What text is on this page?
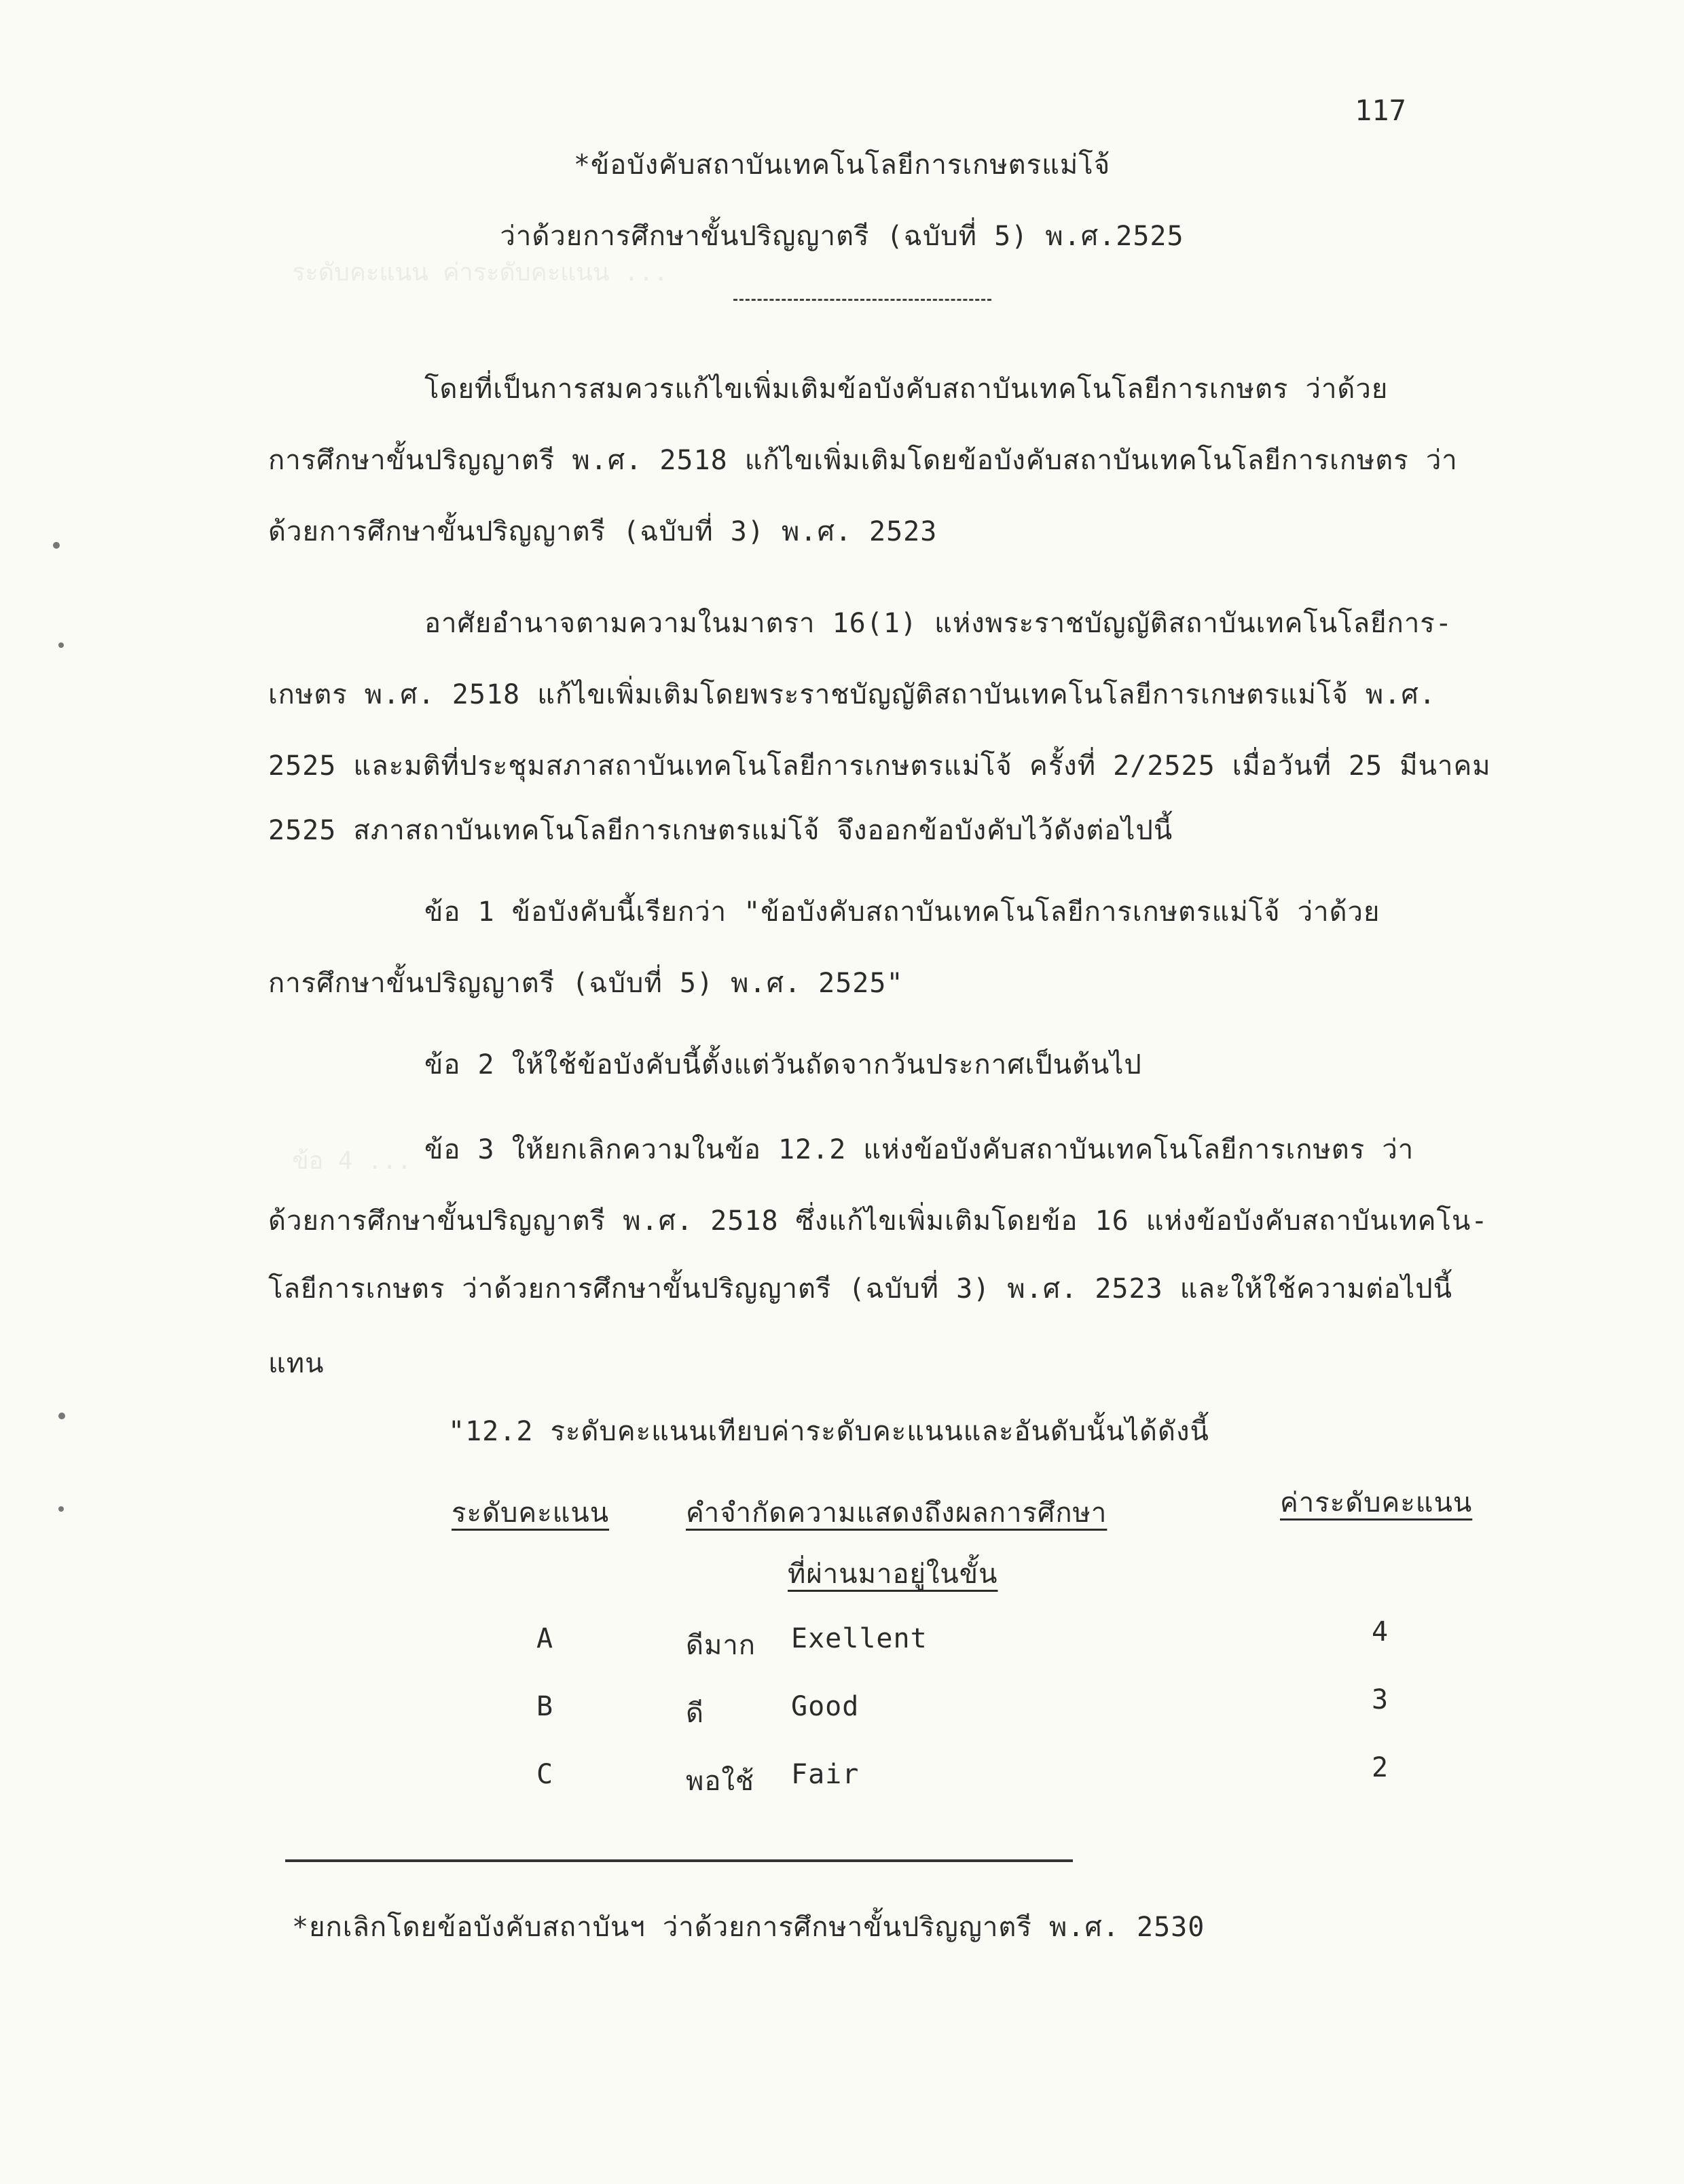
ระดับคะแนน ค่าระดับคะแนน ...
ข้อ 4 ...
117
*ข้อบังคับสถาบันเทคโนโลยีการเกษตรแม่โจ้
ว่าด้วยการศึกษาขั้นปริญญาตรี (ฉบับที่ 5) พ.ศ.2525
โดยที่เป็นการสมควรแก้ไขเพิ่มเติมข้อบังคับสถาบันเทคโนโลยีการเกษตร ว่าด้วย
การศึกษาขั้นปริญญาตรี พ.ศ. 2518 แก้ไขเพิ่มเติมโดยข้อบังคับสถาบันเทคโนโลยีการเกษตร ว่า
ด้วยการศึกษาขั้นปริญญาตรี (ฉบับที่ 3) พ.ศ. 2523
อาศัยอำนาจตามความในมาตรา 16(1) แห่งพระราชบัญญัติสถาบันเทคโนโลยีการ-
เกษตร พ.ศ. 2518 แก้ไขเพิ่มเติมโดยพระราชบัญญัติสถาบันเทคโนโลยีการเกษตรแม่โจ้ พ.ศ.
2525 และมติที่ประชุมสภาสถาบันเทคโนโลยีการเกษตรแม่โจ้ ครั้งที่ 2/2525 เมื่อวันที่ 25 มีนาคม
2525 สภาสถาบันเทคโนโลยีการเกษตรแม่โจ้ จึงออกข้อบังคับไว้ดังต่อไปนี้
ข้อ 1 ข้อบังคับนี้เรียกว่า "ข้อบังคับสถาบันเทคโนโลยีการเกษตรแม่โจ้ ว่าด้วย
การศึกษาขั้นปริญญาตรี (ฉบับที่ 5) พ.ศ. 2525"
ข้อ 2 ให้ใช้ข้อบังคับนี้ตั้งแต่วันถัดจากวันประกาศเป็นต้นไป
ข้อ 3 ให้ยกเลิกความในข้อ 12.2 แห่งข้อบังคับสถาบันเทคโนโลยีการเกษตร ว่า
ด้วยการศึกษาขั้นปริญญาตรี พ.ศ. 2518 ซึ่งแก้ไขเพิ่มเติมโดยข้อ 16 แห่งข้อบังคับสถาบันเทคโน-
โลยีการเกษตร ว่าด้วยการศึกษาขั้นปริญญาตรี (ฉบับที่ 3) พ.ศ. 2523 และให้ใช้ความต่อไปนี้
แทน
"12.2 ระดับคะแนนเทียบค่าระดับคะแนนและอันดับนั้นได้ดังนี้
ระดับคะแนน	คำจำกัดความแสดงถึงผลการศึกษา
ที่ผ่านมาอยู่ในขั้น
ค่าระดับคะแนน
A	ดีมาก Exellent	4
B	ดี	Good	3
C	พอใช้ Fair	2
*ยกเลิกโดยข้อบังคับสถาบันฯ ว่าด้วยการศึกษาขั้นปริญญาตรี พ.ศ. 2530
